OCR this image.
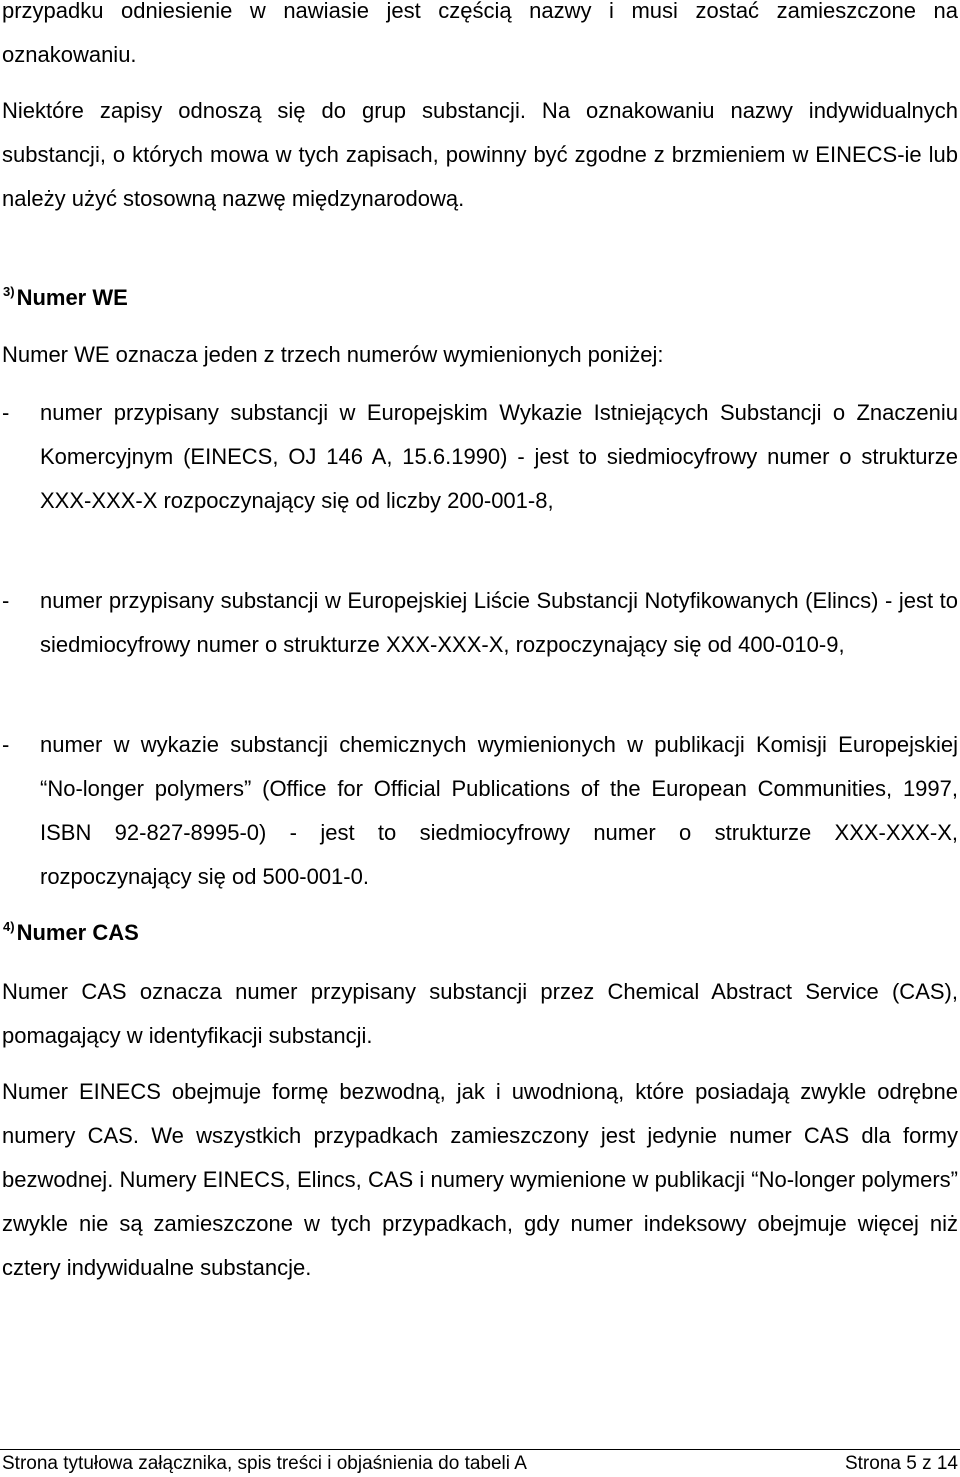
przypadku odniesienie w nawiasie jest częścią nazwy i musi zostać zamieszczone na oznakowaniu.

Niektóre zapisy odnoszą się do grup substancji. Na oznakowaniu nazwy indywidualnych substancji, o których mowa w tych zapisach, powinny być zgodne z brzmieniem w EINECS-ie lub należy użyć stosowną nazwę międzynarodową.

$^{3)}$Numer WE

Numer WE oznacza jeden z trzech numerów wymienionych poniżej:

-	numer przypisany substancji w Europejskim Wykazie Istniejących Substancji o Znaczeniu Komercyjnym (EINECS, OJ 146 A, 15.6.1990) - jest to siedmiocyfrowy numer o strukturze XXX-XXX-X rozpoczynający się od liczby 200-001-8,
-	numer przypisany substancji w Europejskiej Liście Substancji Notyfikowanych (Elincs) - jest to siedmiocyfrowy numer o strukturze XXX-XXX-X, rozpoczynający się od 400-010-9,
-	numer w wykazie substancji chemicznych wymienionych w publikacji Komisji Europejskiej “No-longer polymers” (Office for Official Publications of the European Communities, 1997, ISBN 92-827-8995-0) - jest to siedmiocyfrowy numer o strukturze XXX-XXX-X, rozpoczynający się od 500-001-0.
$^{4)}$Numer CAS

Numer CAS oznacza numer przypisany substancji przez Chemical Abstract Service (CAS), pomagający w identyfikacji substancji.

Numer EINECS obejmuje formę bezwodną, jak i uwodnioną, które posiadają zwykle odrębne numery CAS. We wszystkich przypadkach zamieszczony jest jedynie numer CAS dla formy bezwodnej. Numery EINECS, Elincs, CAS i numery wymienione w publikacji “No-longer polymers” zwykle nie są zamieszczone w tych przypadkach, gdy numer indeksowy obejmuje więcej niż cztery indywidualne substancje.

Strona tytułowa załącznika, spis treści i objaśnienia do tabeli A	Strona 5 z 14
